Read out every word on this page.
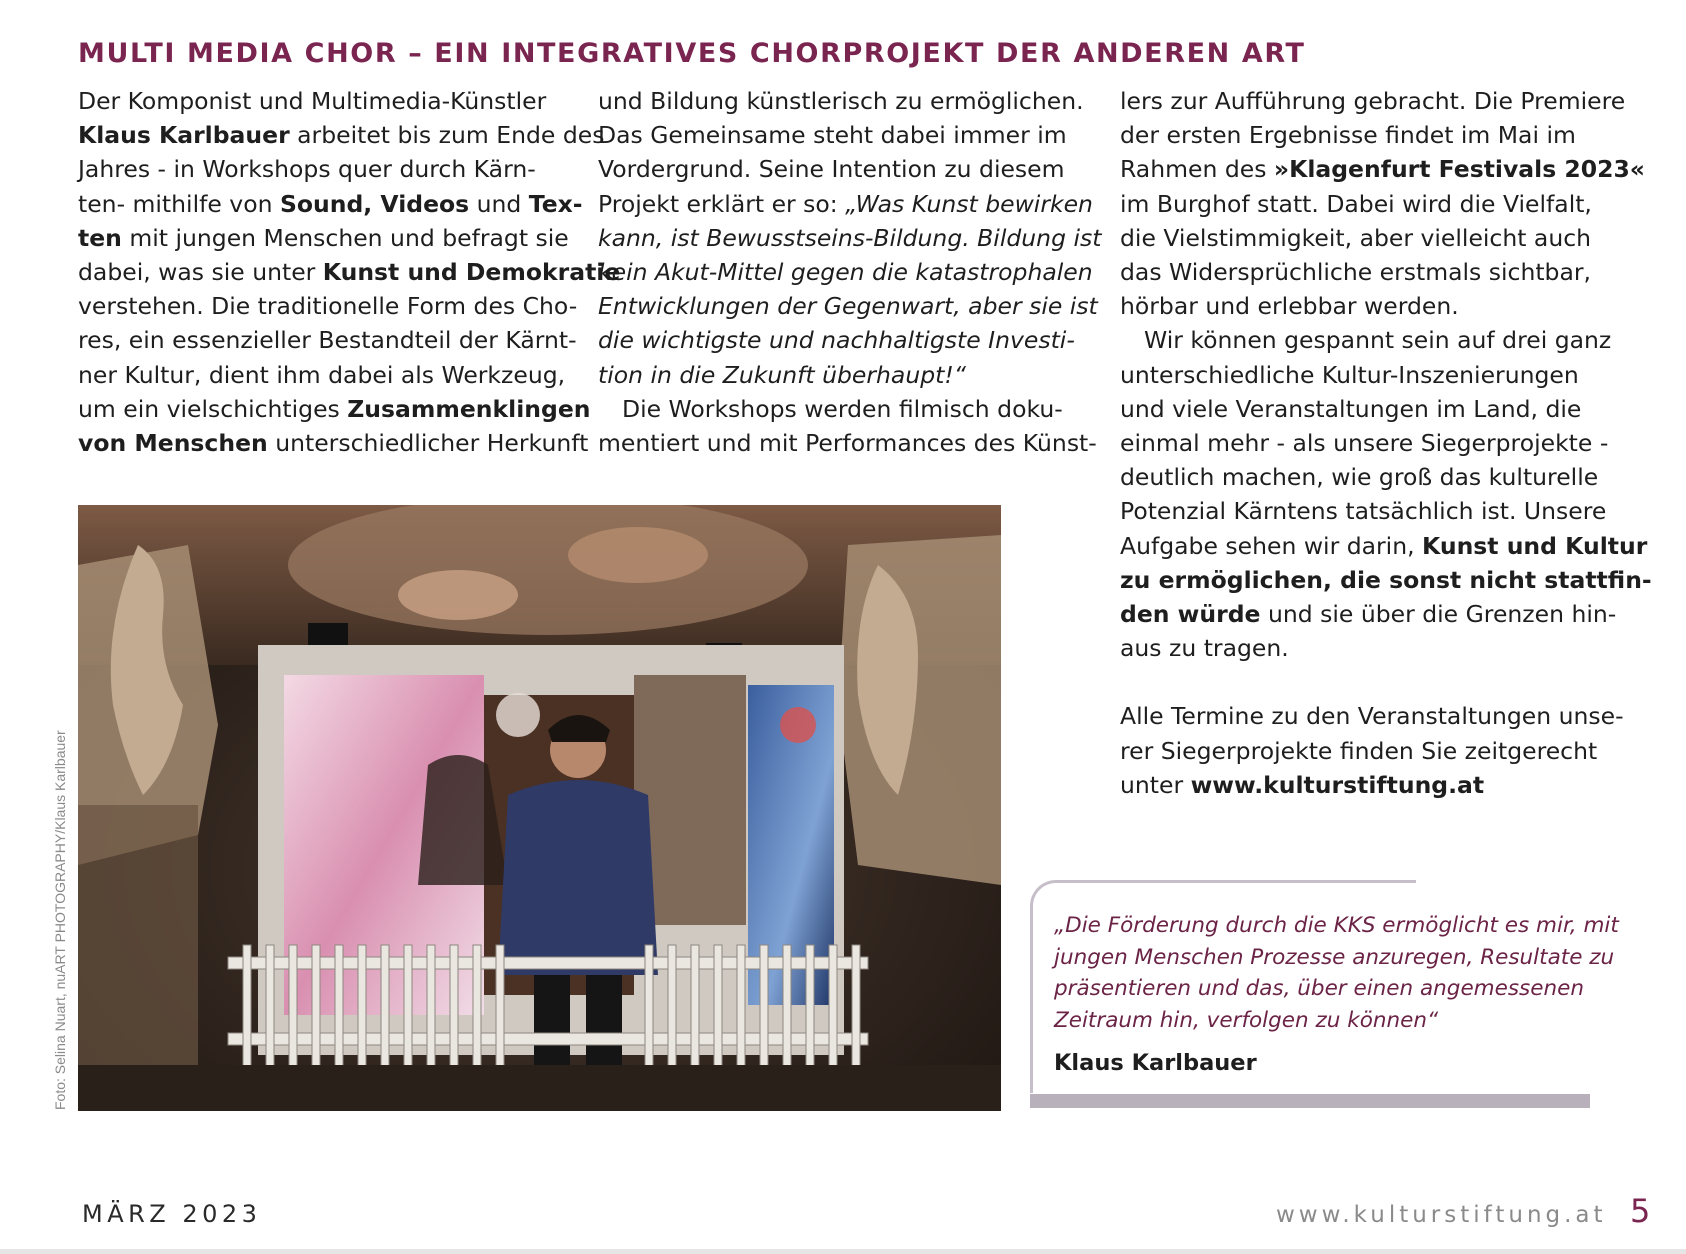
MULTI MEDIA CHOR – EIN INTEGRATIVES CHORPROJEKT DER ANDEREN ART

Der Komponist und Multimedia-Künstler

Klaus Karlbauer arbeitet bis zum Ende des

Jahres - in Workshops quer durch Kärn-

ten- mithilfe von Sound, Videos und Tex-

ten mit jungen Menschen und befragt sie

dabei, was sie unter Kunst und Demokratie

verstehen. Die traditionelle Form des Cho-

res, ein essenzieller Bestandteil der Kärnt-

ner Kultur, dient ihm dabei als Werkzeug,

um ein vielschichtiges Zusammenklingen

von Menschen unterschiedlicher Herkunft

und Bildung künstlerisch zu ermöglichen.

Das Gemeinsame steht dabei immer im

Vordergrund. Seine Intention zu diesem

Projekt erklärt er so: „Was Kunst bewirken

kann, ist Bewusstseins-Bildung. Bildung ist

kein Akut-Mittel gegen die katastrophalen

Entwicklungen der Gegenwart, aber sie ist

die wichtigste und nachhaltigste Investi-

tion in die Zukunft überhaupt!“

Die Workshops werden filmisch doku-

mentiert und mit Performances des Künst-

lers zur Aufführung gebracht. Die Premiere

der ersten Ergebnisse findet im Mai im

Rahmen des »Klagenfurt Festivals 2023«

im Burghof statt. Dabei wird die Vielfalt,

die Vielstimmigkeit, aber vielleicht auch

das Widersprüchliche erstmals sichtbar,

hörbar und erlebbar werden.

Wir können gespannt sein auf drei ganz

unterschiedliche Kultur-Inszenierungen

und viele Veranstaltungen im Land, die

einmal mehr - als unsere Siegerprojekte -

deutlich machen, wie groß das kulturelle

Potenzial Kärntens tatsächlich ist. Unsere

Aufgabe sehen wir darin, Kunst und Kultur

zu ermöglichen, die sonst nicht stattfin-

den würde und sie über die Grenzen hin-

aus zu tragen.

Alle Termine zu den Veranstaltungen unse-

rer Siegerprojekte finden Sie zeitgerecht

unter www.kulturstiftung.at

Foto: Selina Nuart, nuART PHOTOGRAPHY/Klaus Karlbauer	„Die Förderung durch die KKS ermöglicht es mir, mit
jungen Menschen Prozesse anzuregen, Resultate zu
präsentieren und das, über einen angemessenen
Zeitraum hin, verfolgen zu können“
Klaus Karlbauer
MÄRZ 2023	www.kulturstiftung.at 5
